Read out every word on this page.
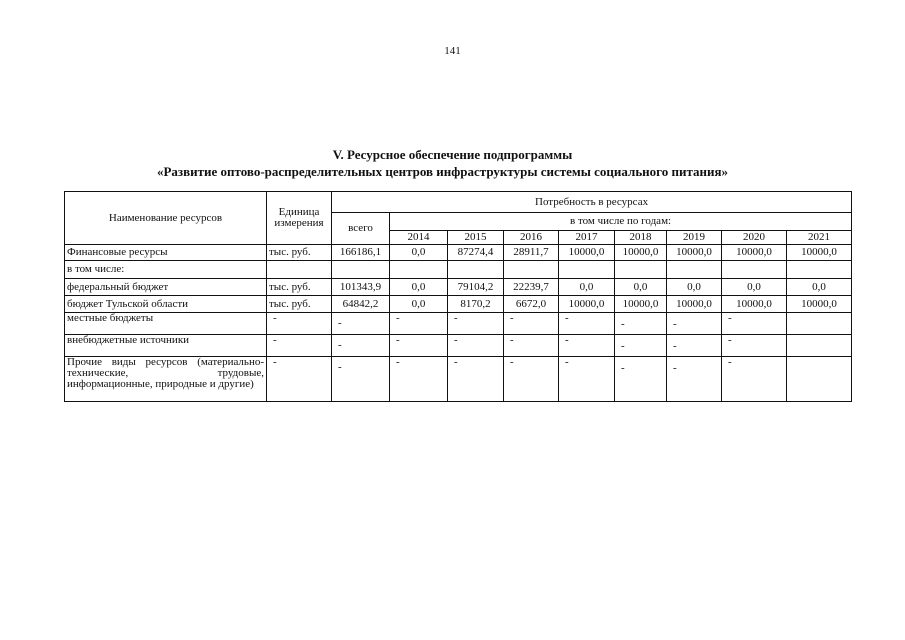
141
V. Ресурсное обеспечение подпрограммы
«Развитие оптово-распределительных центров инфраструктуры системы социального питания»
Наименование ресурсов	Единица измерения	Потребность в ресурсах								
		всего	в том числе по годам:							
			2014	2015	2016	2017	2018	2019	2020	2021
Финансовые ресурсы	тыс. руб.	166186,1	0,0	87274,4	28911,7	10000,0	10000,0	10000,0	10000,0	10000,0
в том числе:										
федеральный бюджет	тыс. руб.	101343,9	0,0	79104,2	22239,7	0,0	0,0	0,0	0,0	0,0
бюджет Тульской области	тыс. руб.	64842,2	0,0	8170,2	6672,0	10000,0	10000,0	10000,0	10000,0	10000,0
местные бюджеты	-	-	-	-	-	-	-	-	-	
внебюджетные источники	-	-	-	-	-	-	-	-	-	
Прочие виды ресурсов (материально-технические, трудовые, информационные, природные и другие)	-	-	-	-	-	-	-	-	-	
